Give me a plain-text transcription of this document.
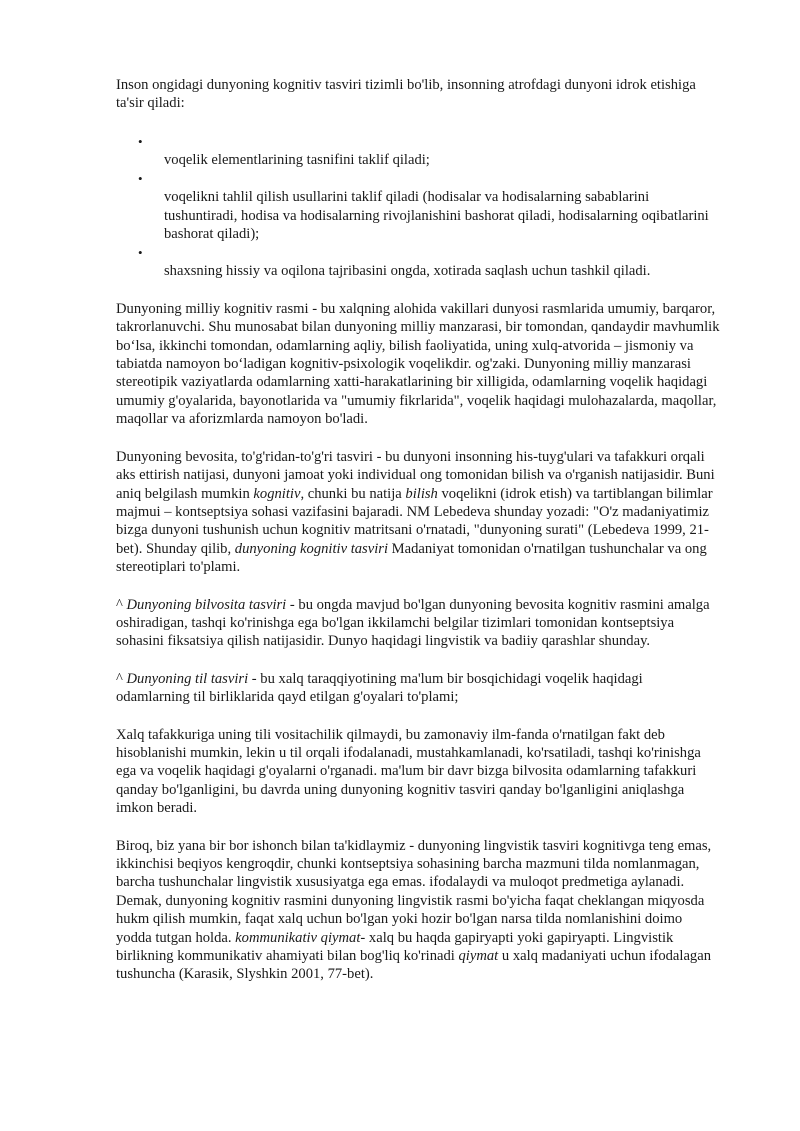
Inson ongidagi dunyoning kognitiv tasviri tizimli bo'lib, insonning atrofdagi dunyoni idrok etishiga ta'sir qiladi:

•
voqelik elementlarining tasnifini taklif qiladi;
•
voqelikni tahlil qilish usullarini taklif qiladi (hodisalar va hodisalarning sabablarini tushuntiradi, hodisa va hodisalarning rivojlanishini bashorat qiladi, hodisalarning oqibatlarini bashorat qiladi);
•
shaxsning hissiy va oqilona tajribasini ongda, xotirada saqlash uchun tashkil qiladi.

Dunyoning milliy kognitiv rasmi - bu xalqning alohida vakillari dunyosi rasmlarida umumiy, barqaror, takrorlanuvchi. Shu munosabat bilan dunyoning milliy manzarasi, bir tomondan, qandaydir mavhumlik boʻlsa, ikkinchi tomondan, odamlarning aqliy, bilish faoliyatida, uning xulq-atvorida – jismoniy va tabiatda namoyon boʻladigan kognitiv-psixologik voqelikdir. og'zaki. Dunyoning milliy manzarasi stereotipik vaziyatlarda odamlarning xatti-harakatlarining bir xilligida, odamlarning voqelik haqidagi umumiy g'oyalarida, bayonotlarida va "umumiy fikrlarida", voqelik haqidagi mulohazalarda, maqollar, maqollar va aforizmlarda namoyon bo'ladi.

Dunyoning bevosita, to'g'ridan-to'g'ri tasviri - bu dunyoni insonning his-tuyg'ulari va tafakkuri orqali aks ettirish natijasi, dunyoni jamoat yoki individual ong tomonidan bilish va o'rganish natijasidir. Buni aniq belgilash mumkin kognitiv, chunki bu natija bilish voqelikni (idrok etish) va tartiblangan bilimlar majmui – kontseptsiya sohasi vazifasini bajaradi. NM Lebedeva shunday yozadi: "O'z madaniyatimiz bizga dunyoni tushunish uchun kognitiv matritsani o'rnatadi, "dunyoning surati" (Lebedeva 1999, 21-bet). Shunday qilib, dunyoning kognitiv tasviri Madaniyat tomonidan o'rnatilgan tushunchalar va ong stereotiplari to'plami.

^ Dunyoning bilvosita tasviri - bu ongda mavjud bo'lgan dunyoning bevosita kognitiv rasmini amalga oshiradigan, tashqi ko'rinishga ega bo'lgan ikkilamchi belgilar tizimlari tomonidan kontseptsiya sohasini fiksatsiya qilish natijasidir. Dunyo haqidagi lingvistik va badiiy qarashlar shunday.

^ Dunyoning til tasviri - bu xalq taraqqiyotining ma'lum bir bosqichidagi voqelik haqidagi odamlarning til birliklarida qayd etilgan g'oyalari to'plami;

Xalq tafakkuriga uning tili vositachilik qilmaydi, bu zamonaviy ilm-fanda o'rnatilgan fakt deb hisoblanishi mumkin, lekin u til orqali ifodalanadi, mustahkamlanadi, ko'rsatiladi, tashqi ko'rinishga ega va voqelik haqidagi g'oyalarni o'rganadi. ma'lum bir davr bizga bilvosita odamlarning tafakkuri qanday bo'lganligini, bu davrda uning dunyoning kognitiv tasviri qanday bo'lganligini aniqlashga imkon beradi.

Biroq, biz yana bir bor ishonch bilan ta'kidlaymiz - dunyoning lingvistik tasviri kognitivga teng emas, ikkinchisi beqiyos kengroqdir, chunki kontseptsiya sohasining barcha mazmuni tilda nomlanmagan, barcha tushunchalar lingvistik xususiyatga ega emas. ifodalaydi va muloqot predmetiga aylanadi. Demak, dunyoning kognitiv rasmini dunyoning lingvistik rasmi bo'yicha faqat cheklangan miqyosda hukm qilish mumkin, faqat xalq uchun bo'lgan yoki hozir bo'lgan narsa tilda nomlanishini doimo yodda tutgan holda. kommunikativ qiymat- xalq bu haqda gapiryapti yoki gapiryapti. Lingvistik birlikning kommunikativ ahamiyati bilan bog'liq ko'rinadi qiymat u xalq madaniyati uchun ifodalagan tushuncha (Karasik, Slyshkin 2001, 77-bet).
